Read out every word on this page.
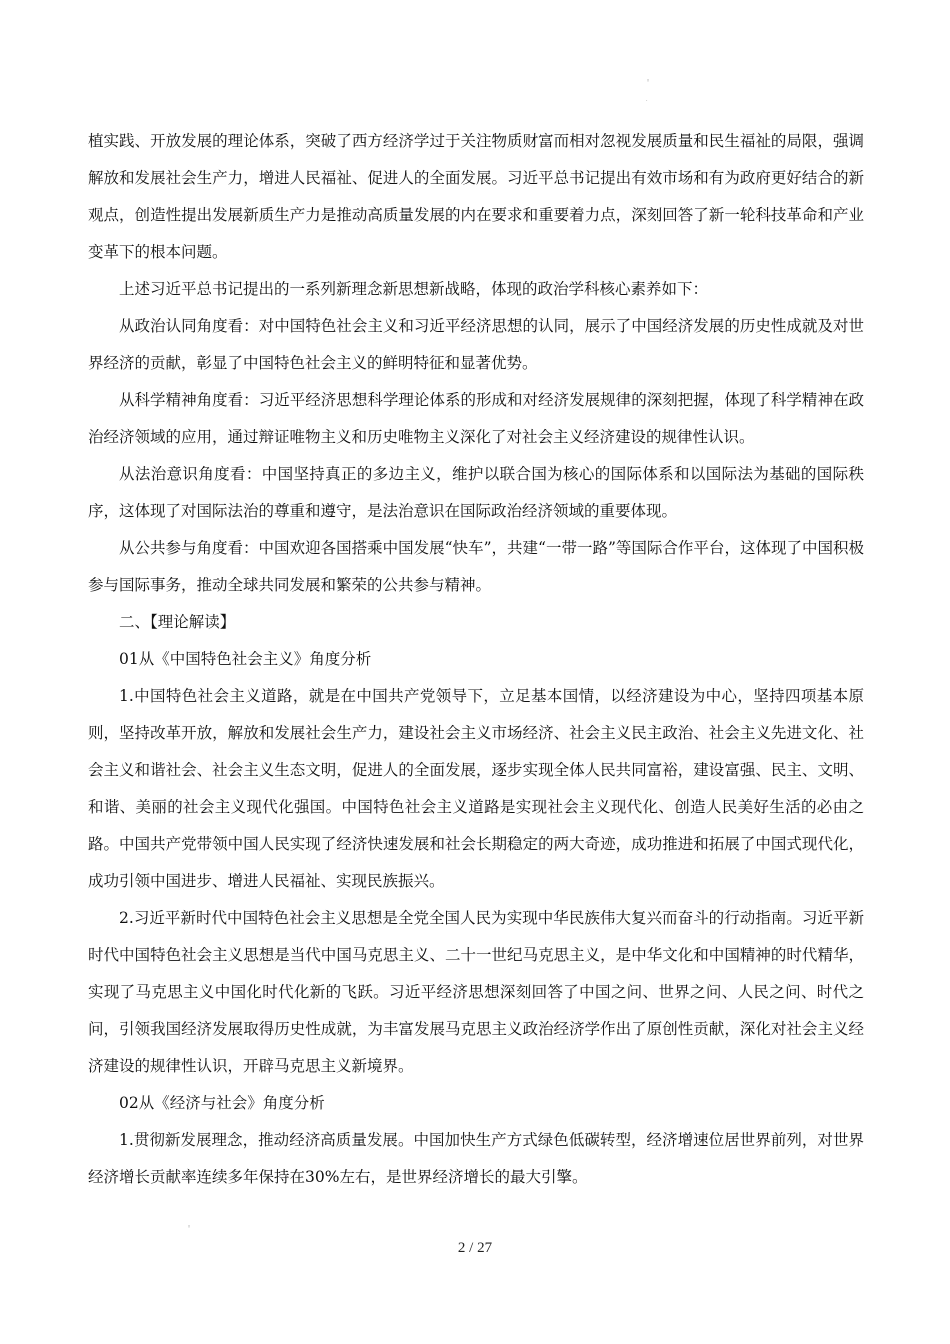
◦
·

植实践、开放发展的理论体系，突破了西方经济学过于关注物质财富而相对忽视发展质量和民生福祉的局限，强调解放和发展社会生产力，增进人民福祉、促进人的全面发展。习近平总书记提出有效市场和有为政府更好结合的新观点，创造性提出发展新质生产力是推动高质量发展的内在要求和重要着力点，深刻回答了新一轮科技革命和产业变革下的根本问题。

上述习近平总书记提出的一系列新理念新思想新战略，体现的政治学科核心素养如下：

从政治认同角度看：对中国特色社会主义和习近平经济思想的认同，展示了中国经济发展的历史性成就及对世界经济的贡献，彰显了中国特色社会主义的鲜明特征和显著优势。

从科学精神角度看：习近平经济思想科学理论体系的形成和对经济发展规律的深刻把握，体现了科学精神在政治经济领域的应用，通过辩证唯物主义和历史唯物主义深化了对社会主义经济建设的规律性认识。

从法治意识角度看：中国坚持真正的多边主义，维护以联合国为核心的国际体系和以国际法为基础的国际秩序，这体现了对国际法治的尊重和遵守，是法治意识在国际政治经济领域的重要体现。

从公共参与角度看：中国欢迎各国搭乘中国发展“快车”，共建“一带一路”等国际合作平台，这体现了中国积极参与国际事务，推动全球共同发展和繁荣的公共参与精神。

二、【理论解读】

01从《中国特色社会主义》角度分析

1.中国特色社会主义道路，就是在中国共产党领导下，立足基本国情，以经济建设为中心，坚持四项基本原则，坚持改革开放，解放和发展社会生产力，建设社会主义市场经济、社会主义民主政治、社会主义先进文化、社会主义和谐社会、社会主义生态文明，促进人的全面发展，逐步实现全体人民共同富裕，建设富强、民主、文明、和谐、美丽的社会主义现代化强国。中国特色社会主义道路是实现社会主义现代化、创造人民美好生活的必由之路。中国共产党带领中国人民实现了经济快速发展和社会长期稳定的两大奇迹，成功推进和拓展了中国式现代化，成功引领中国进步、增进人民福祉、实现民族振兴。

2.习近平新时代中国特色社会主义思想是全党全国人民为实现中华民族伟大复兴而奋斗的行动指南。习近平新时代中国特色社会主义思想是当代中国马克思主义、二十一世纪马克思主义，是中华文化和中国精神的时代精华，实现了马克思主义中国化时代化新的飞跃。习近平经济思想深刻回答了中国之问、世界之问、人民之问、时代之问，引领我国经济发展取得历史性成就，为丰富发展马克思主义政治经济学作出了原创性贡献，深化对社会主义经济建设的规律性认识，开辟马克思主义新境界。

02从《经济与社会》角度分析

1.贯彻新发展理念，推动经济高质量发展。中国加快生产方式绿色低碳转型，经济增速位居世界前列，对世界经济增长贡献率连续多年保持在30%左右，是世界经济增长的最大引擎。

◦
2 / 27
